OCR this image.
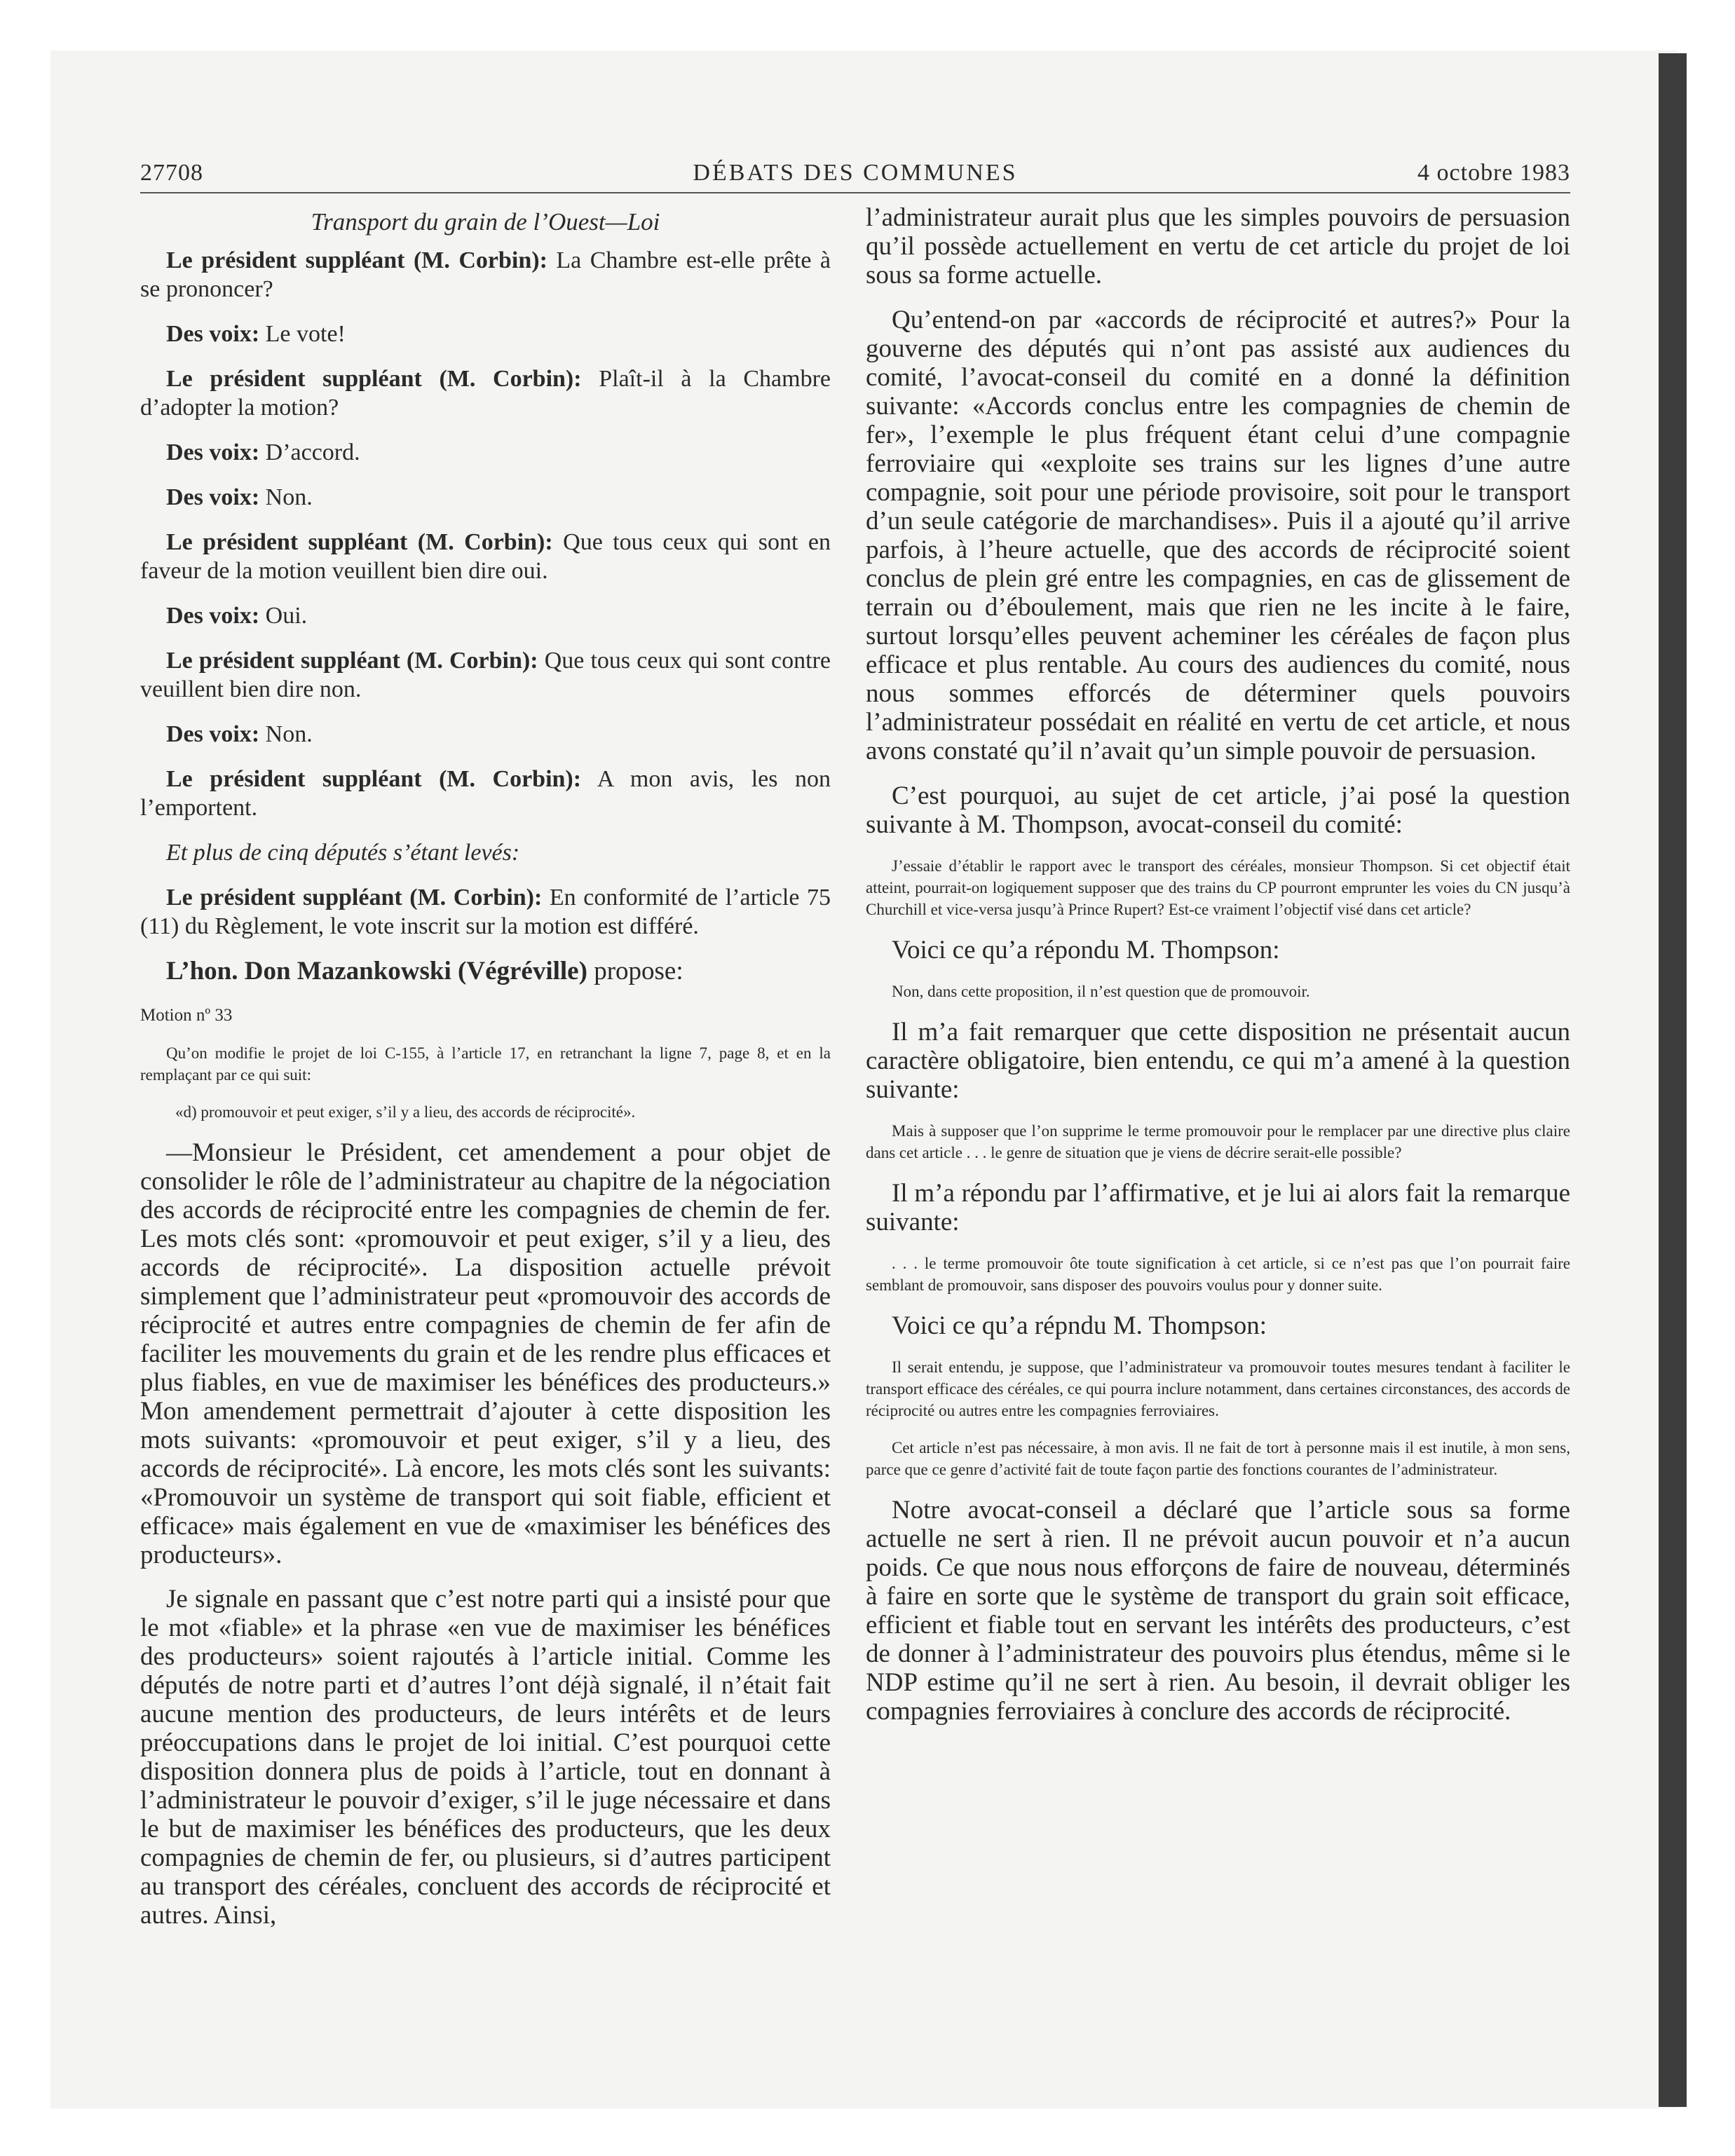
27708	DÉBATS DES COMMUNES	4 octobre 1983

Transport du grain de l’Ouest—Loi

Le président suppléant (M. Corbin): La Chambre est-elle prête à se prononcer?

Des voix: Le vote!

Le président suppléant (M. Corbin): Plaît-il à la Chambre d’adopter la motion?

Des voix: D’accord.

Des voix: Non.

Le président suppléant (M. Corbin): Que tous ceux qui sont en faveur de la motion veuillent bien dire oui.

Des voix: Oui.

Le président suppléant (M. Corbin): Que tous ceux qui sont contre veuillent bien dire non.

Des voix: Non.

Le président suppléant (M. Corbin): A mon avis, les non l’emportent.

Et plus de cinq députés s’étant levés:

Le président suppléant (M. Corbin): En conformité de l’article 75 (11) du Règlement, le vote inscrit sur la motion est différé.

L’hon. Don Mazankowski (Végréville) propose:

Motion nº 33

Qu’on modifie le projet de loi C-155, à l’article 17, en retranchant la ligne 7, page 8, et en la remplaçant par ce qui suit:

«d) promouvoir et peut exiger, s’il y a lieu, des accords de réciprocité».

—Monsieur le Président, cet amendement a pour objet de consolider le rôle de l’administrateur au chapitre de la négociation des accords de réciprocité entre les compagnies de chemin de fer. Les mots clés sont: «promouvoir et peut exiger, s’il y a lieu, des accords de réciprocité». La disposition actuelle prévoit simplement que l’administrateur peut «promouvoir des accords de réciprocité et autres entre compagnies de chemin de fer afin de faciliter les mouvements du grain et de les rendre plus efficaces et plus fiables, en vue de maximiser les bénéfices des producteurs.» Mon amendement permettrait d’ajouter à cette disposition les mots suivants: «promouvoir et peut exiger, s’il y a lieu, des accords de réciprocité». Là encore, les mots clés sont les suivants: «Promouvoir un système de transport qui soit fiable, efficient et efficace» mais également en vue de «maximiser les bénéfices des producteurs».

Je signale en passant que c’est notre parti qui a insisté pour que le mot «fiable» et la phrase «en vue de maximiser les bénéfices des producteurs» soient rajoutés à l’article initial. Comme les députés de notre parti et d’autres l’ont déjà signalé, il n’était fait aucune mention des producteurs, de leurs intérêts et de leurs préoccupations dans le projet de loi initial. C’est pourquoi cette disposition donnera plus de poids à l’article, tout en donnant à l’administrateur le pouvoir d’exiger, s’il le juge nécessaire et dans le but de maximiser les bénéfices des producteurs, que les deux compagnies de chemin de fer, ou plusieurs, si d’autres participent au transport des céréales, concluent des accords de réciprocité et autres. Ainsi,

l’administrateur aurait plus que les simples pouvoirs de persuasion qu’il possède actuellement en vertu de cet article du projet de loi sous sa forme actuelle.

Qu’entend-on par «accords de réciprocité et autres?» Pour la gouverne des députés qui n’ont pas assisté aux audiences du comité, l’avocat-conseil du comité en a donné la définition suivante: «Accords conclus entre les compagnies de chemin de fer», l’exemple le plus fréquent étant celui d’une compagnie ferroviaire qui «exploite ses trains sur les lignes d’une autre compagnie, soit pour une période provisoire, soit pour le transport d’un seule catégorie de marchandises». Puis il a ajouté qu’il arrive parfois, à l’heure actuelle, que des accords de réciprocité soient conclus de plein gré entre les compagnies, en cas de glissement de terrain ou d’éboulement, mais que rien ne les incite à le faire, surtout lorsqu’elles peuvent acheminer les céréales de façon plus efficace et plus rentable. Au cours des audiences du comité, nous nous sommes efforcés de déterminer quels pouvoirs l’administrateur possédait en réalité en vertu de cet article, et nous avons constaté qu’il n’avait qu’un simple pouvoir de persuasion.

C’est pourquoi, au sujet de cet article, j’ai posé la question suivante à M. Thompson, avocat-conseil du comité:

J’essaie d’établir le rapport avec le transport des céréales, monsieur Thompson. Si cet objectif était atteint, pourrait-on logiquement supposer que des trains du CP pourront emprunter les voies du CN jusqu’à Churchill et vice-versa jusqu’à Prince Rupert? Est-ce vraiment l’objectif visé dans cet article?

Voici ce qu’a répondu M. Thompson:

Non, dans cette proposition, il n’est question que de promouvoir.

Il m’a fait remarquer que cette disposition ne présentait aucun caractère obligatoire, bien entendu, ce qui m’a amené à la question suivante:

Mais à supposer que l’on supprime le terme promouvoir pour le remplacer par une directive plus claire dans cet article . . . le genre de situation que je viens de décrire serait-elle possible?

Il m’a répondu par l’affirmative, et je lui ai alors fait la remarque suivante:

. . . le terme promouvoir ôte toute signification à cet article, si ce n’est pas que l’on pourrait faire semblant de promouvoir, sans disposer des pouvoirs voulus pour y donner suite.

Voici ce qu’a répndu M. Thompson:

Il serait entendu, je suppose, que l’administrateur va promouvoir toutes mesures tendant à faciliter le transport efficace des céréales, ce qui pourra inclure notamment, dans certaines circonstances, des accords de réciprocité ou autres entre les compagnies ferroviaires.

Cet article n’est pas nécessaire, à mon avis. Il ne fait de tort à personne mais il est inutile, à mon sens, parce que ce genre d’activité fait de toute façon partie des fonctions courantes de l’administrateur.

Notre avocat-conseil a déclaré que l’article sous sa forme actuelle ne sert à rien. Il ne prévoit aucun pouvoir et n’a aucun poids. Ce que nous nous efforçons de faire de nouveau, déterminés à faire en sorte que le système de transport du grain soit efficace, efficient et fiable tout en servant les intérêts des producteurs, c’est de donner à l’administrateur des pouvoirs plus étendus, même si le NDP estime qu’il ne sert à rien. Au besoin, il devrait obliger les compagnies ferroviaires à conclure des accords de réciprocité.
